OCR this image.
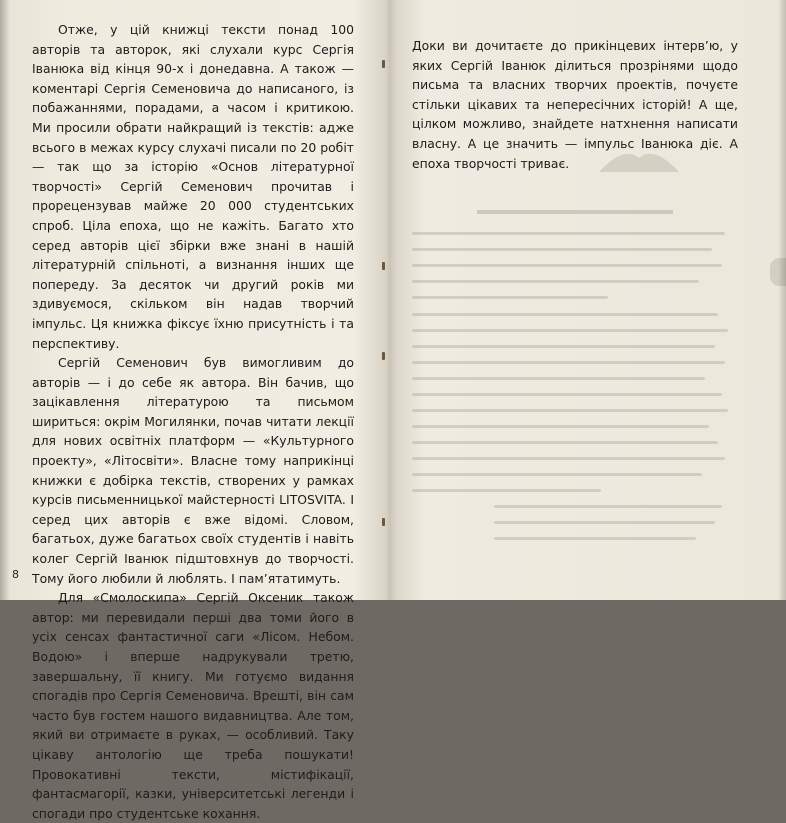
Отже, у цій книжці тексти понад 100 авторів та авторок, які слухали курс Сергія Іванюка від кінця 90-х і донедавна. А також — коментарі Сергія Семеновича до написаного, із побажаннями, порадами, а часом і критикою. Ми просили обрати найкращий із текстів: адже всього в межах курсу слухачі писали по 20 робіт — так що за історію «Основ літературної творчості» Сергій Семенович прочитав і прорецензував майже 20 000 студентських спроб. Ціла епоха, що не кажіть. Багато хто серед авторів цієї збірки вже знані в нашій літературній спільноті, а визнання інших ще попереду. За десяток чи другий років ми здивуємося, скільком він надав творчий імпульс. Ця книжка фіксує їхню присутність і та перспективу.

Сергій Семенович був вимогливим до авторів — і до себе як автора. Він бачив, що зацікавлення літературою та письмом шириться: окрім Могилянки, почав читати лекції для нових освітніх платформ — «Культурного проекту», «Літосвіти». Власне тому наприкінці книжки є добірка текстів, створених у рамках курсів письменницької майстерності LITOSVITA. І серед цих авторів є вже відомі. Словом, багатьох, дуже багатьох своїх студентів і навіть колег Сергій Іванюк підштовхнув до творчості. Тому його любили й люблять. І пам’ятатимуть.

Для «Смолоскипа» Сергій Оксеник також автор: ми перевидали перші два томи його в усіх сенсах фантастичної саги «Лісом. Небом. Водою» і вперше надрукували третю, завершальну, її книгу. Ми готуємо видання спогадів про Сергія Семеновича. Врешті, він сам часто був гостем нашого видавництва. Але том, який ви отримаєте в руках, — особливий. Таку цікаву антологію ще треба пошукати! Провокативні тексти, містифікації, фантасмагорії, казки, університетські легенди і спогади про студентське кохання.

8

Доки ви дочитаєте до прикінцевих інтерв’ю, у яких Сергій Іванюк ділиться прозрінями щодо письма та власних творчих проектів, почуєте стільки цікавих та непересічних історій! А ще, цілком можливо, знайдете натхнення написати власну. А це значить — імпульс Іванюка діє. А епоха творчості триває.
